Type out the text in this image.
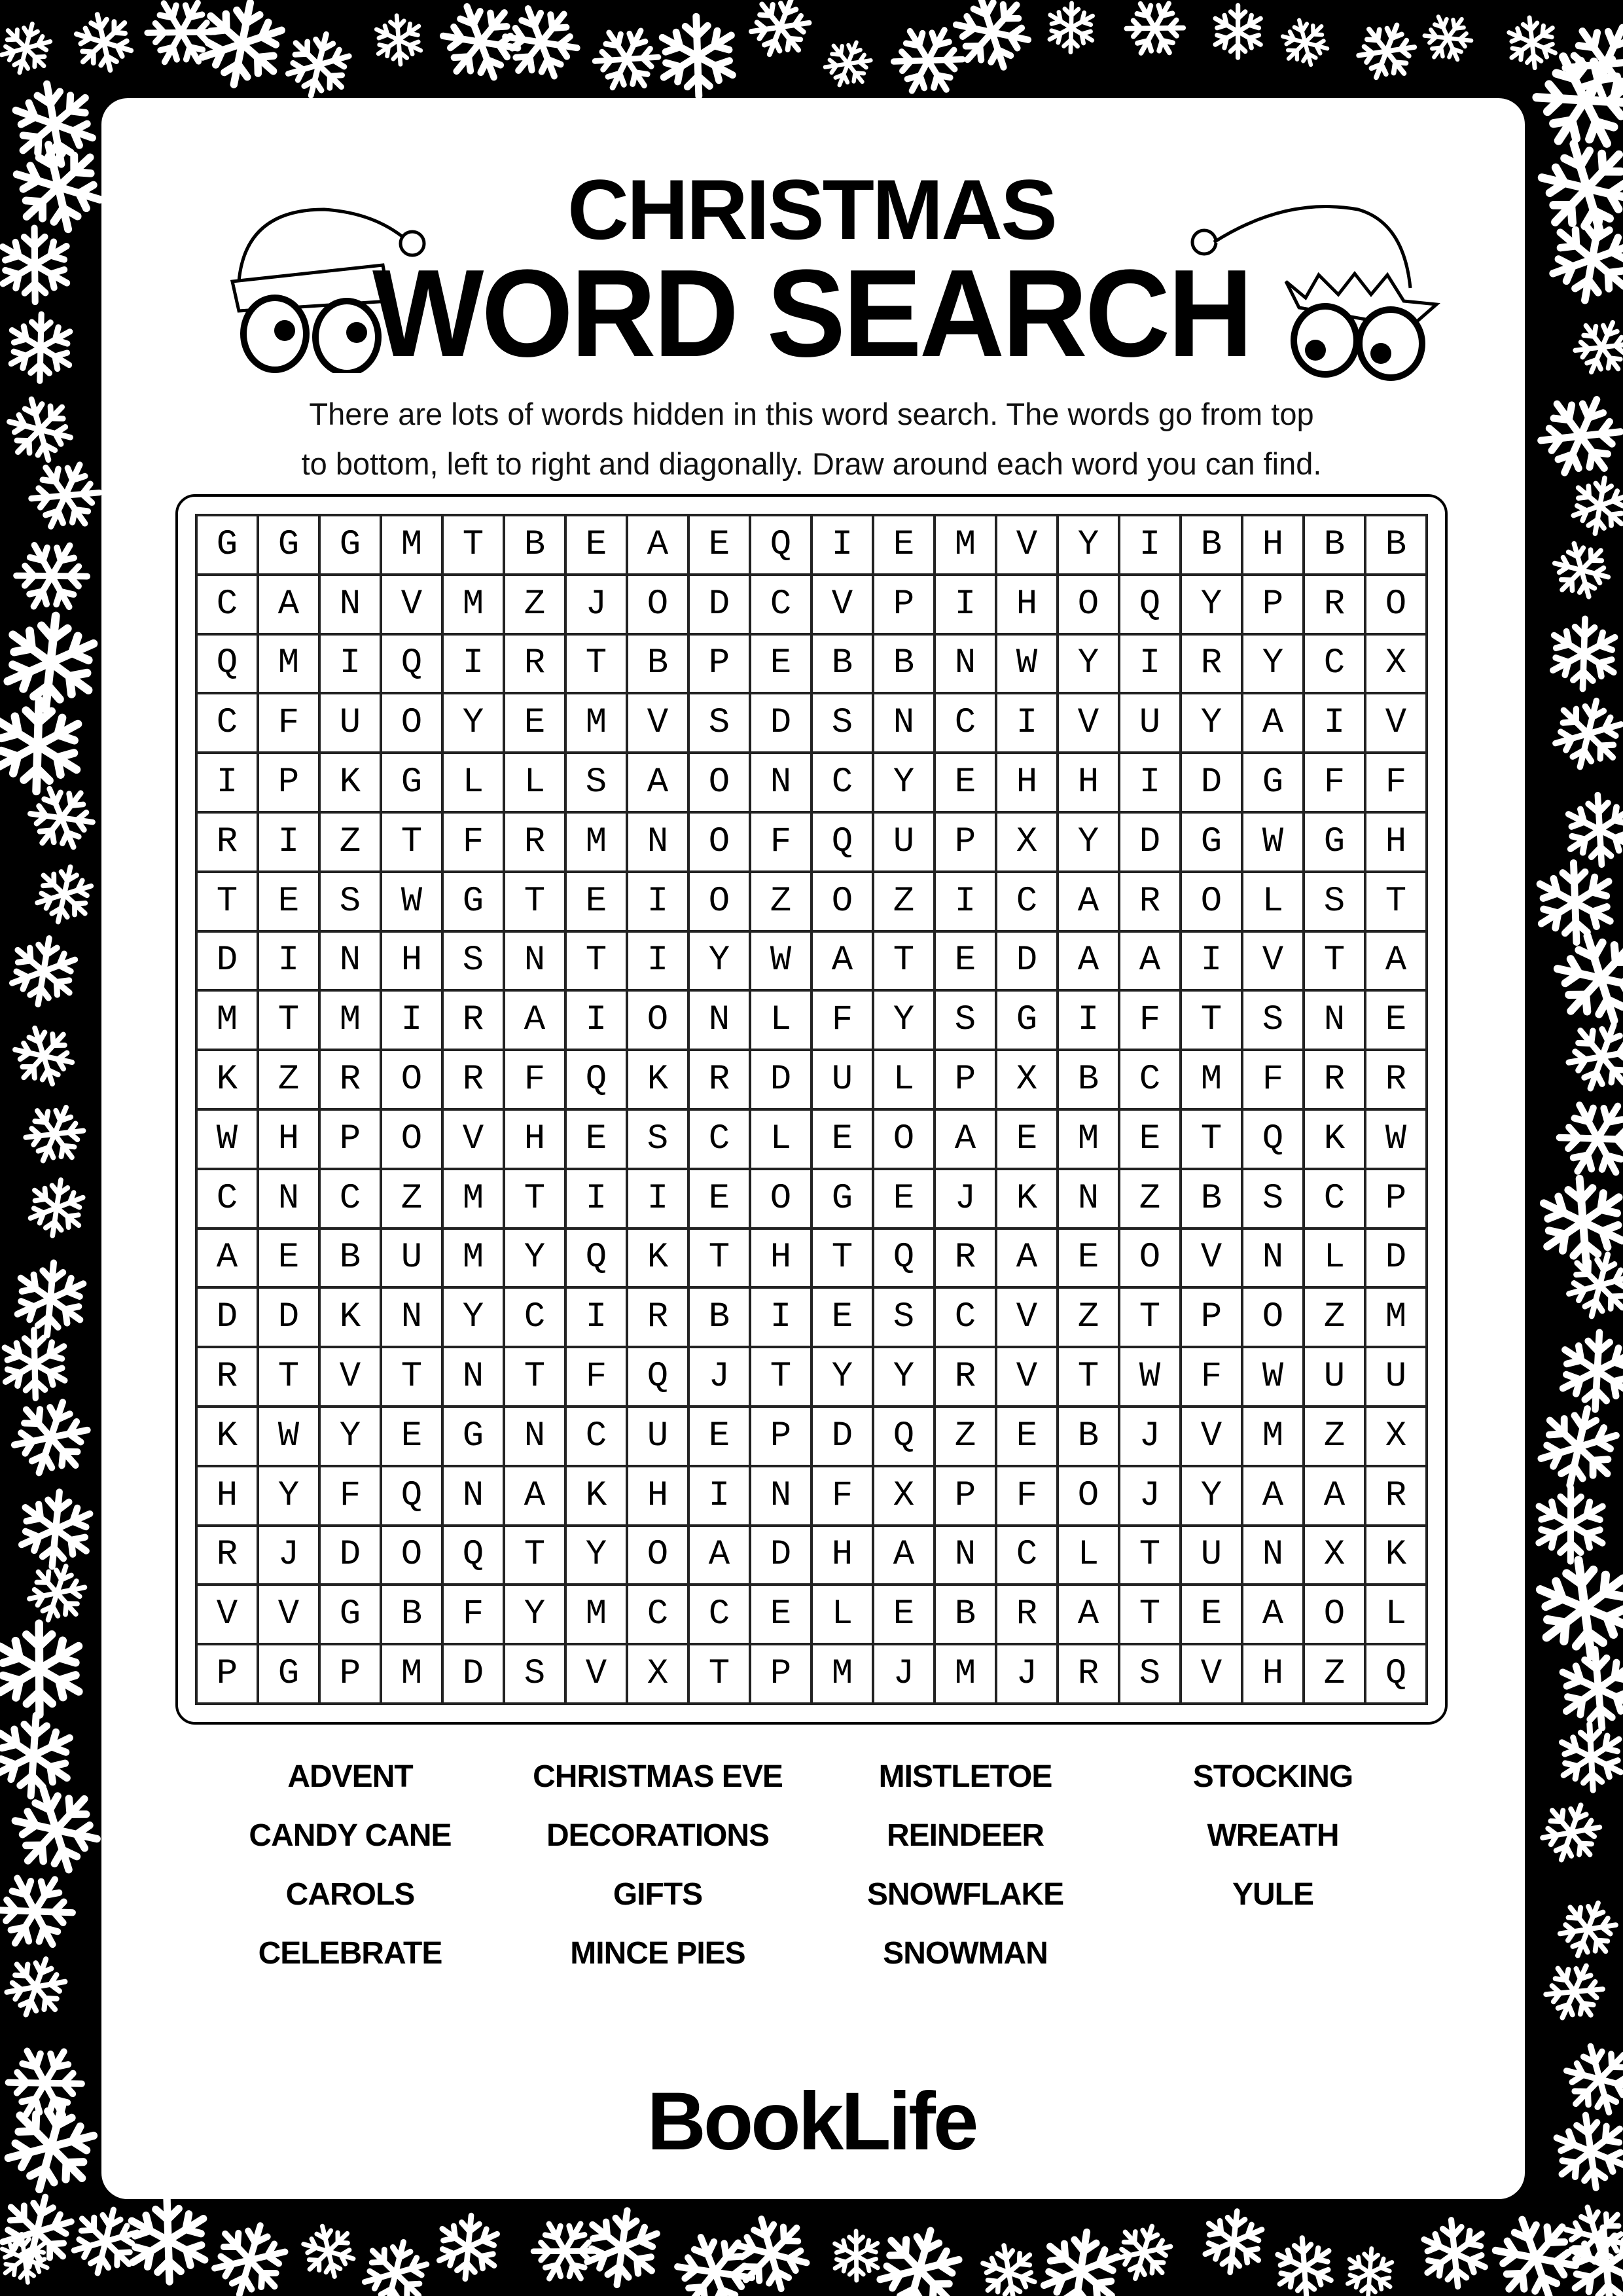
CHRISTMAS
WORD SEARCH
There are lots of words hidden in this word search. The words go from top
to bottom, left to right and diagonally. Draw around each word you can find.
G	G	G	M	T	B	E	A	E	Q	I	E	M	V	Y	I	B	H	B	B
C	A	N	V	M	Z	J	O	D	C	V	P	I	H	O	Q	Y	P	R	O
Q	M	I	Q	I	R	T	B	P	E	B	B	N	W	Y	I	R	Y	C	X
C	F	U	O	Y	E	M	V	S	D	S	N	C	I	V	U	Y	A	I	V
I	P	K	G	L	L	S	A	O	N	C	Y	E	H	H	I	D	G	F	F
R	I	Z	T	F	R	M	N	O	F	Q	U	P	X	Y	D	G	W	G	H
T	E	S	W	G	T	E	I	O	Z	O	Z	I	C	A	R	O	L	S	T
D	I	N	H	S	N	T	I	Y	W	A	T	E	D	A	A	I	V	T	A
M	T	M	I	R	A	I	O	N	L	F	Y	S	G	I	F	T	S	N	E
K	Z	R	O	R	F	Q	K	R	D	U	L	P	X	B	C	M	F	R	R
W	H	P	O	V	H	E	S	C	L	E	O	A	E	M	E	T	Q	K	W
C	N	C	Z	M	T	I	I	E	O	G	E	J	K	N	Z	B	S	C	P
A	E	B	U	M	Y	Q	K	T	H	T	Q	R	A	E	O	V	N	L	D
D	D	K	N	Y	C	I	R	B	I	E	S	C	V	Z	T	P	O	Z	M
R	T	V	T	N	T	F	Q	J	T	Y	Y	R	V	T	W	F	W	U	U
K	W	Y	E	G	N	C	U	E	P	D	Q	Z	E	B	J	V	M	Z	X
H	Y	F	Q	N	A	K	H	I	N	F	X	P	F	O	J	Y	A	A	R
R	J	D	O	Q	T	Y	O	A	D	H	A	N	C	L	T	U	N	X	K
V	V	G	B	F	Y	M	C	C	E	L	E	B	R	A	T	E	A	O	L
P	G	P	M	D	S	V	X	T	P	M	J	M	J	R	S	V	H	Z	Q
ADVENT	CHRISTMAS EVE	MISTLETOE	STOCKING
CANDY CANE	DECORATIONS	REINDEER	WREATH
CAROLS	GIFTS	SNOWFLAKE	YULE
CELEBRATE	MINCE PIES	SNOWMAN
BookLife
